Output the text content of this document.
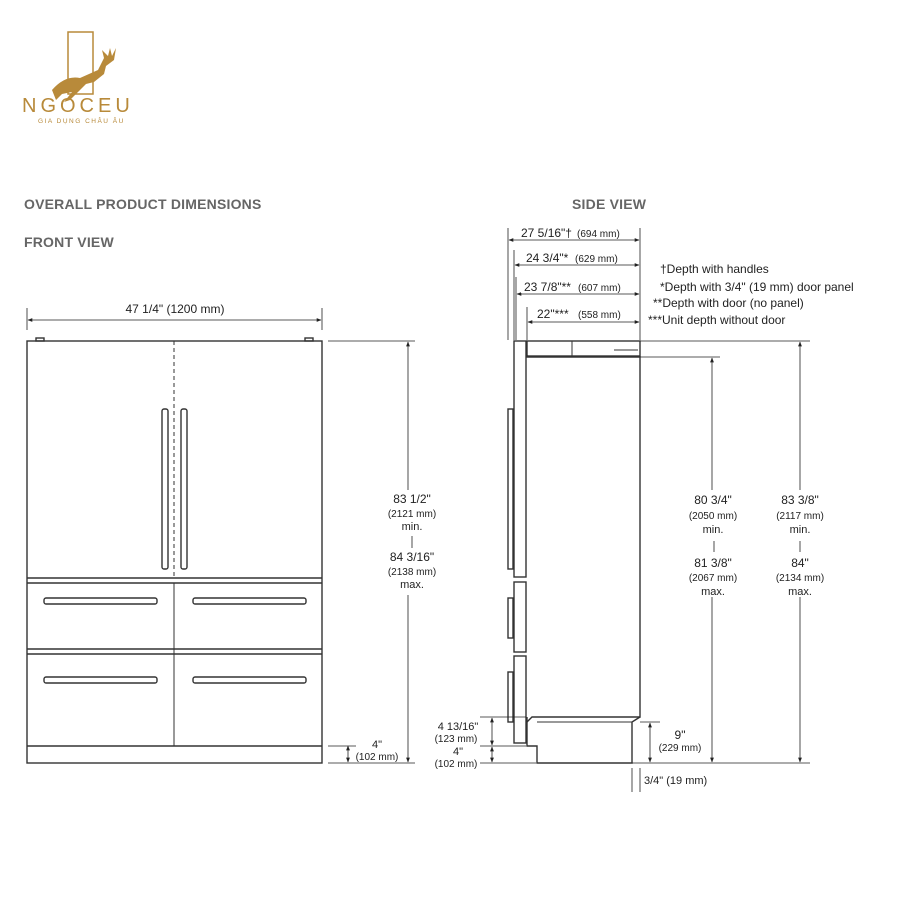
NGOCEU
GIA DỤNG CHÂU ÂU
OVERALL PRODUCT DIMENSIONS
FRONT VIEW
SIDE VIEW
47 1/4" (1200 mm)
83 1/2"
(2121 mm)
min.
84 3/16"
(2138 mm)
max.
4"
(102 mm)
27 5/16"† (694 mm)
24 3/4"* (629 mm)
23 7/8"** (607 mm)
22"*** (558 mm)
†Depth with handles
*Depth with 3/4" (19 mm) door panel
**Depth with door (no panel)
***Unit depth without door
80 3/4"
(2050 mm)
min.
81 3/8"
(2067 mm)
max.
83 3/8"
(2117 mm)
min.
84"
(2134 mm)
max.
4 13/16"
(123 mm)
4"
(102 mm)
9"
(229 mm)
3/4" (19 mm)
